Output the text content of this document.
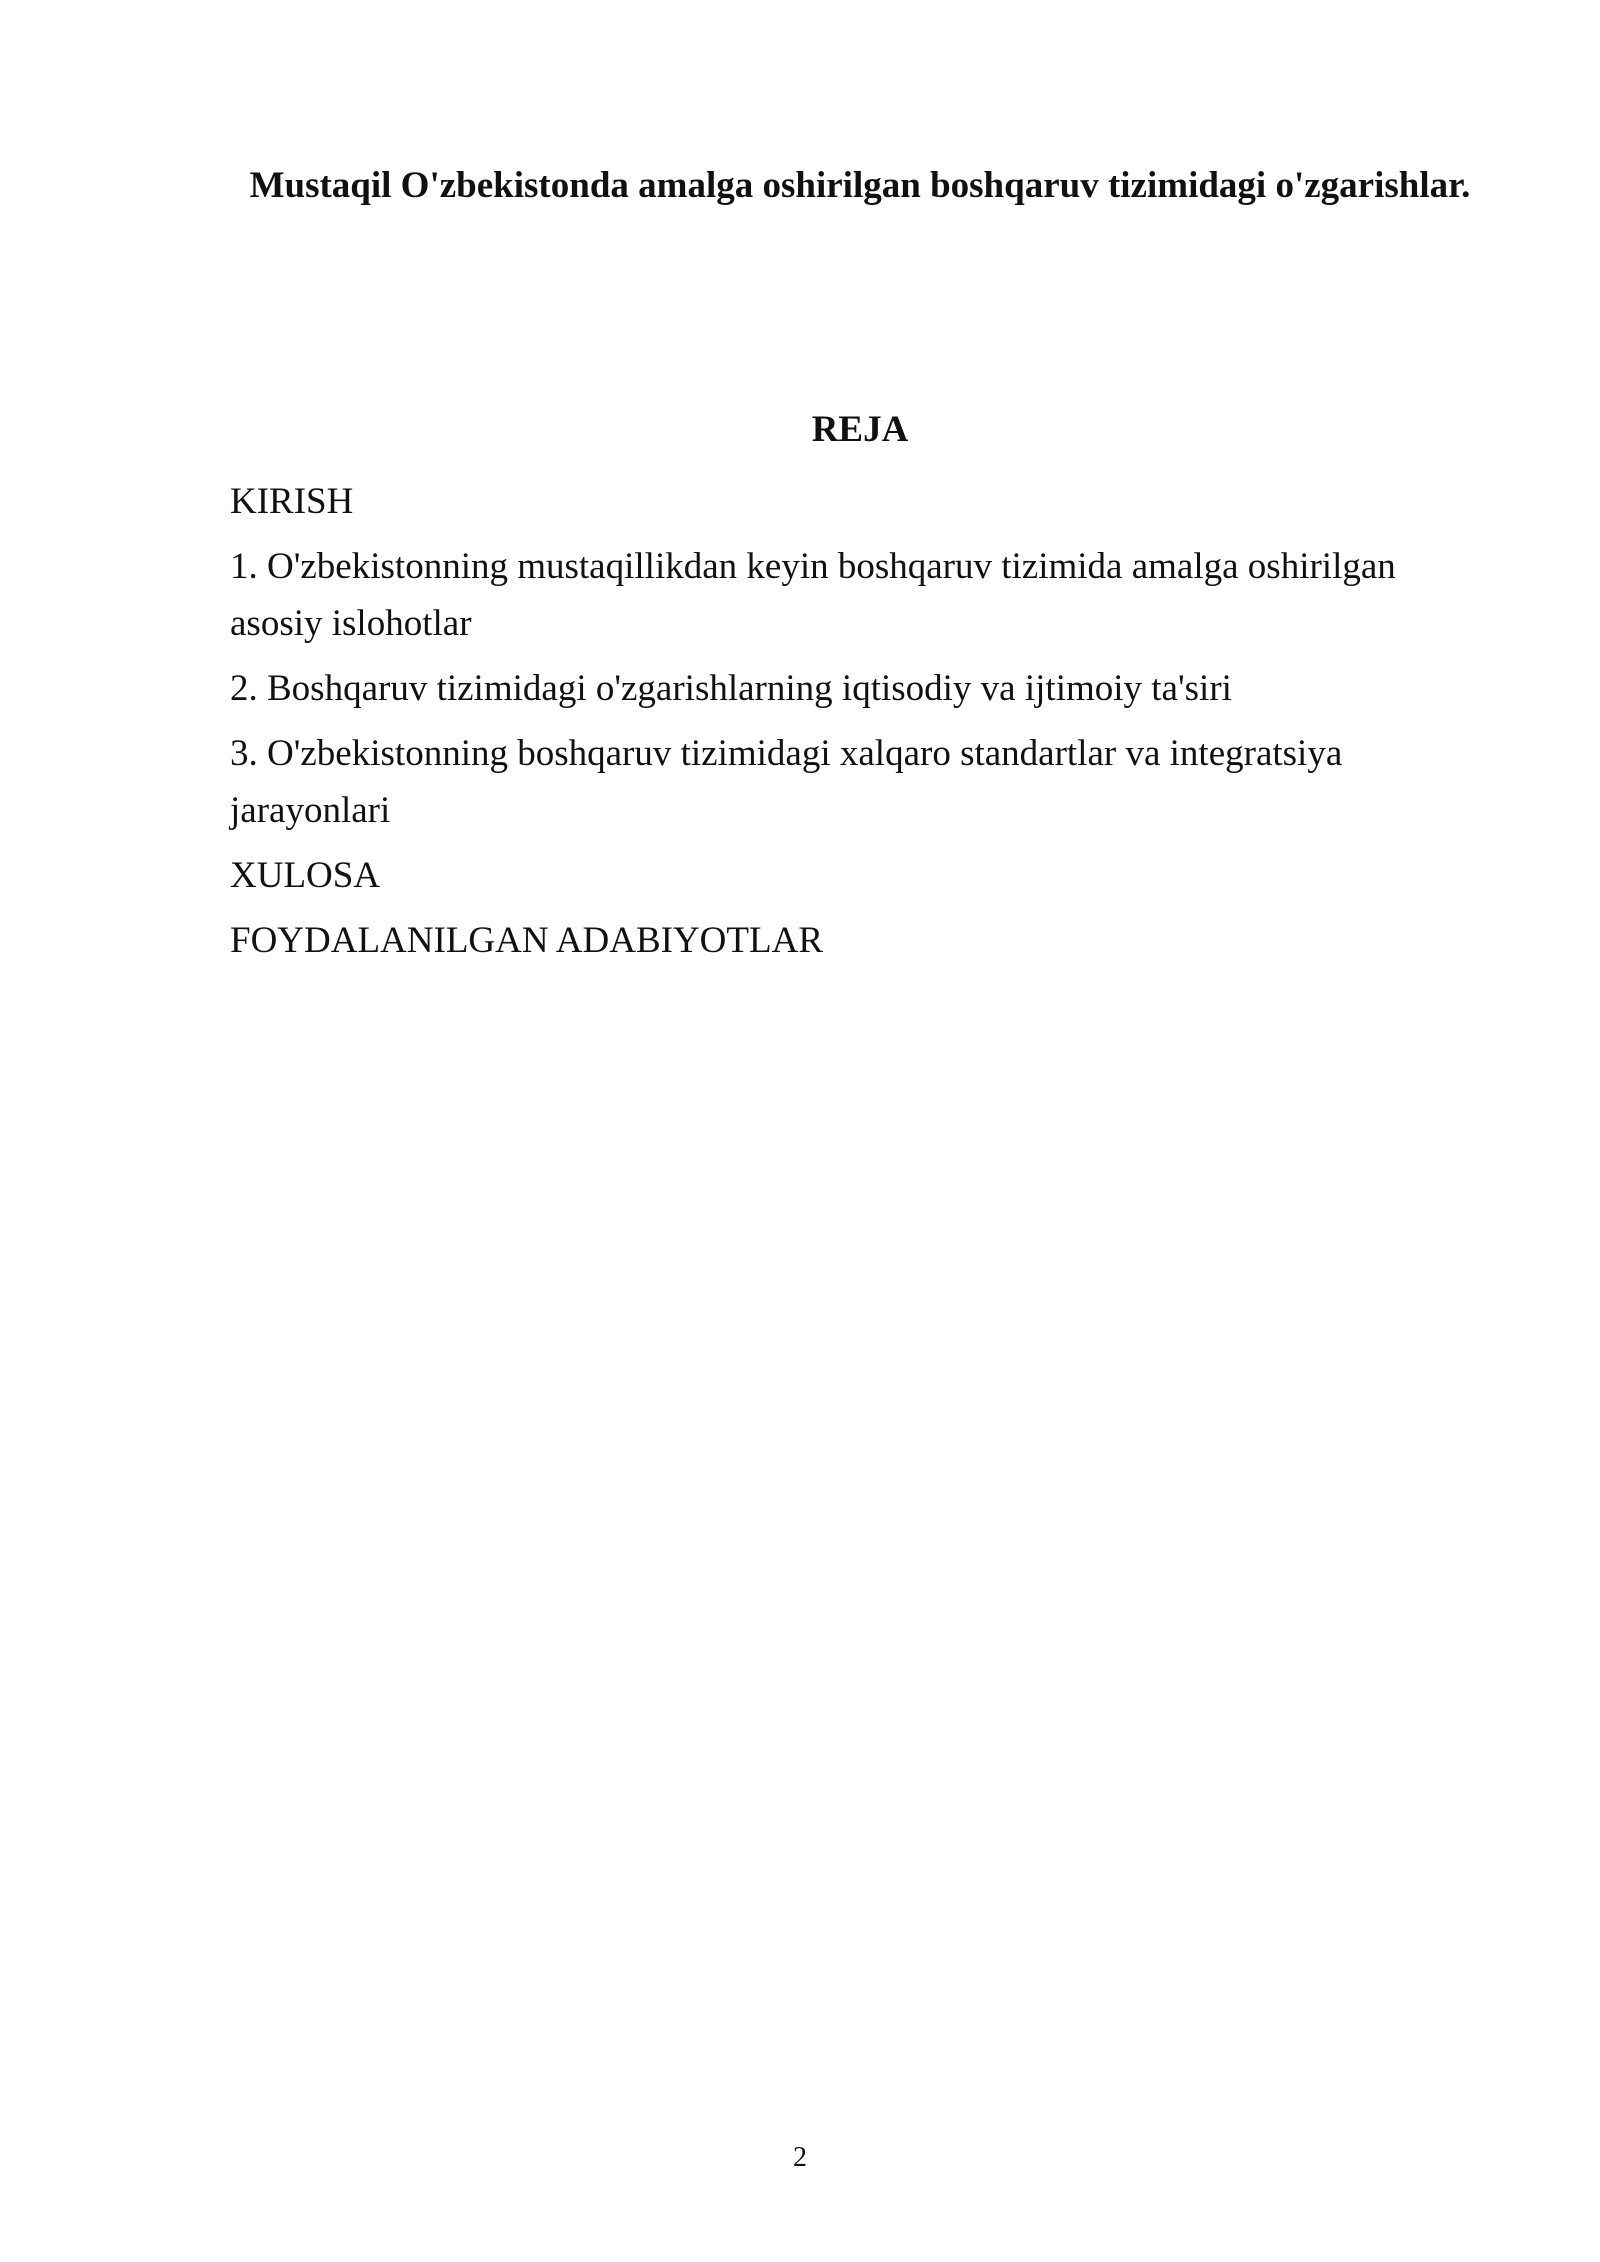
Mustaqil O'zbekistonda amalga oshirilgan boshqaruv tizimidagi o'zgarishlar.
REJA
KIRISH
1. O'zbekistonning mustaqillikdan keyin boshqaruv tizimida amalga oshirilgan asosiy islohotlar
2. Boshqaruv tizimidagi o'zgarishlarning iqtisodiy va ijtimoiy ta'siri
3. O'zbekistonning boshqaruv tizimidagi xalqaro standartlar va integratsiya jarayonlari
XULOSA
FOYDALANILGAN ADABIYOTLAR
2
